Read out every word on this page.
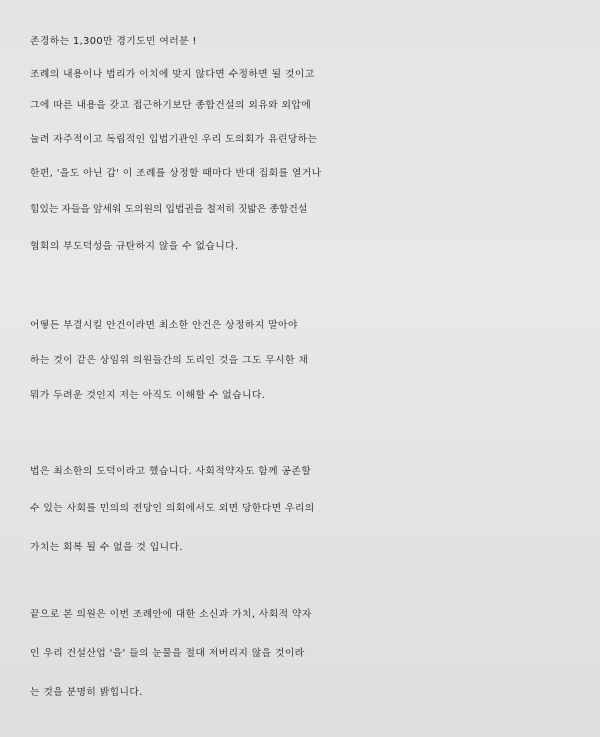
존경하는 1,300만 경기도민 여러분 !
조례의 내용이나 법리가 이치에 맞지 않다면 수정하면 될 것이고
그에 따른 내용을 갖고 접근하기보단 종합건설의 외유와 외압에
눌려 자주적이고 독립적인 입법기관인 우리 도의회가 유린당하는
한편, '을도 아닌 갑' 이 조례를 상정할 때마다 반대 집회를 열거나
힘있는 자들을 앞세워 도의원의 입법권을 철저히 짓밟은 종합건설
협회의 부도덕성을 규탄하지 않을 수 없습니다.
어떻든 부결시킬 안건이라면 최소한 안건은 상정하지 말아야
하는 것이 같은 상임위 의원들간의 도리인 것을 그도 무시한 채
뭐가 두려운 것인지 저는 아직도 이해할 수 없습니다.
법은 최소한의 도덕이라고 했습니다. 사회적약자도 함께 공존할
수 있는 사회를 민의의 전당인 의회에서도 외면 당한다면 우리의
가치는 회복 될 수 없을 것 입니다.
끝으로 본 의원은 이번 조례안에 대한 소신과 가치, 사회적 약자
인 우리 건설산업 '을' 들의 눈물을 절대 저버리지 않을 것이라
는 것을 분명히 밝힙니다.
